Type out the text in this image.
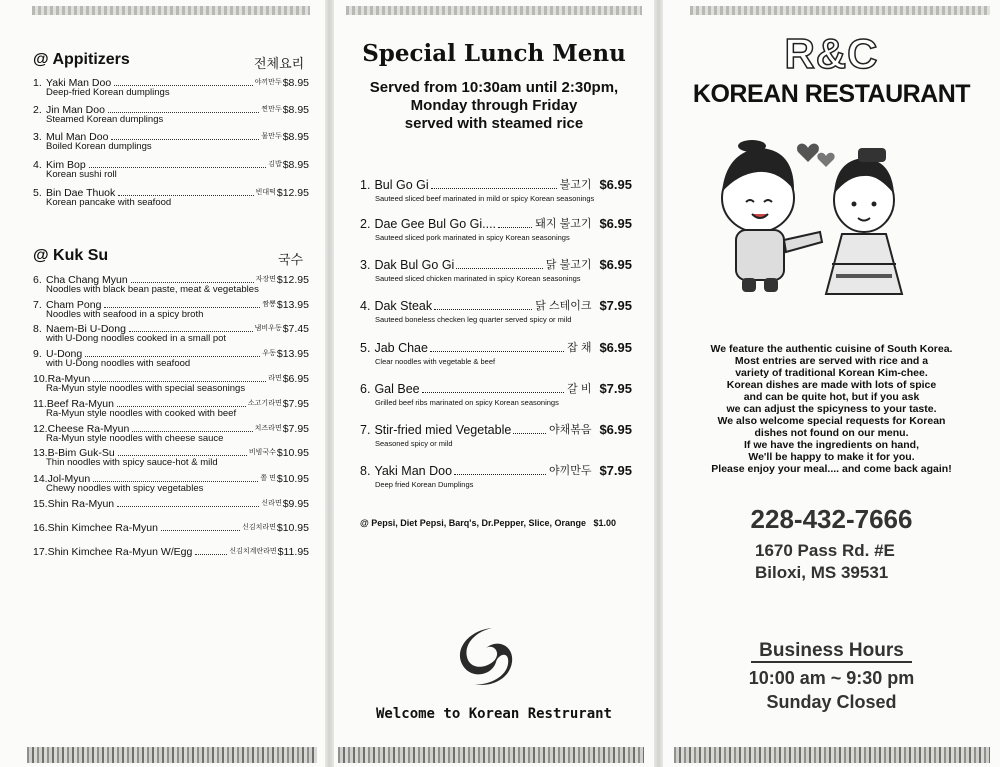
@ Appitizers	전체요리
1. Yaki Man Doo	야끼만두 $8.95
Deep-fried Korean dumplings
2. Jin Man Doo	찐만두 $8.95
Steamed Korean dumplings
3. Mul Man Doo	물만두 $8.95
Boiled Korean dumplings
4. Kim Bop	김밥 $8.95
Korean sushi roll
5. Bin Dae Thuok	빈대떡 $12.95
Korean pancake with seafood
@ Kuk Su	국수
6. Cha Chang Myun	자장면 $12.95
Noodles with black bean paste, meat & vegetables
7. Cham Pong	짬뽕 $13.95
Noodles with seafood in a spicy broth
8. Naem-Bi U-Dong	냄비우동 $7.45
with U-Dong noodles cooked in a small pot
9. U-Dong	우동 $13.95
with U-Dong noodles with seafood
10. Ra-Myun	라면 $6.95
Ra-Myun style noodles with special seasonings
11. Beef Ra-Myun	소고기라면 $7.95
Ra-Myun style noodles with cooked with beef
12. Cheese Ra-Myun	치즈라면 $7.95
Ra-Myun style noodles with cheese sauce
13. B-Bim Guk-Su	비빔국수 $10.95
Thin noodles with spicy sauce-hot & mild
14. Jol-Myun	쫄 면 $10.95
Chewy noodles with spicy vegetables
15. Shin Ra-Myun	신라면 $9.95
16. Shin Kimchee Ra-Myun	신김치라면 $10.95
17. Shin Kimchee Ra-Myun W/Egg	신김치계란라면 $11.95
Special Lunch Menu
Served from 10:30am until 2:30pm,
Monday through Friday
served with steamed rice
1. Bul Go Gi	불고기 $6.95
Sauteed sliced beef marinated in mild or spicy Korean seasonings
2. Dae Gee Bul Go Gi....	돼지 불고기 $6.95
Sauteed sliced pork marinated in spicy Korean seasonings
3. Dak Bul Go Gi	닭 불고기 $6.95
Sauteed sliced chicken marinated in spicy Korean seasonings
4. Dak Steak	닭 스테이크 $7.95
Sauteed boneless checken leg quarter served spicy or mild
5. Jab Chae	잡 채 $6.95
Clear noodles with vegetable & beef
6. Gal Bee	갈 비 $7.95
Grilled beef ribs marinated on spicy Korean seasonings
7. Stir-fried mied Vegetable	야채볶음 $6.95
Seasoned spicy or mild
8. Yaki Man Doo	야끼만두 $7.95
Deep fried Korean Dumplings
@ Pepsi, Diet Pepsi, Barq's, Dr.Pepper, Slice, Orange   $1.00
Welcome to Korean Restrurant
R&C
KOREAN RESTAURANT
We feature the authentic cuisine of South Korea.
Most entries are served with rice and a
variety of traditional Korean Kim-chee.
Korean dishes are made with lots of spice
and can be quite hot, but if you ask
we can adjust the spicyness to your taste.
We also welcome special requests for Korean
dishes not found on our menu.
If we have the ingredients on hand,
We'll be happy to make it for you.
Please enjoy your meal.... and come back again!
228-432-7666
1670 Pass Rd. #E
Biloxi, MS 39531
Business Hours
10:00 am ~ 9:30 pm
Sunday Closed
